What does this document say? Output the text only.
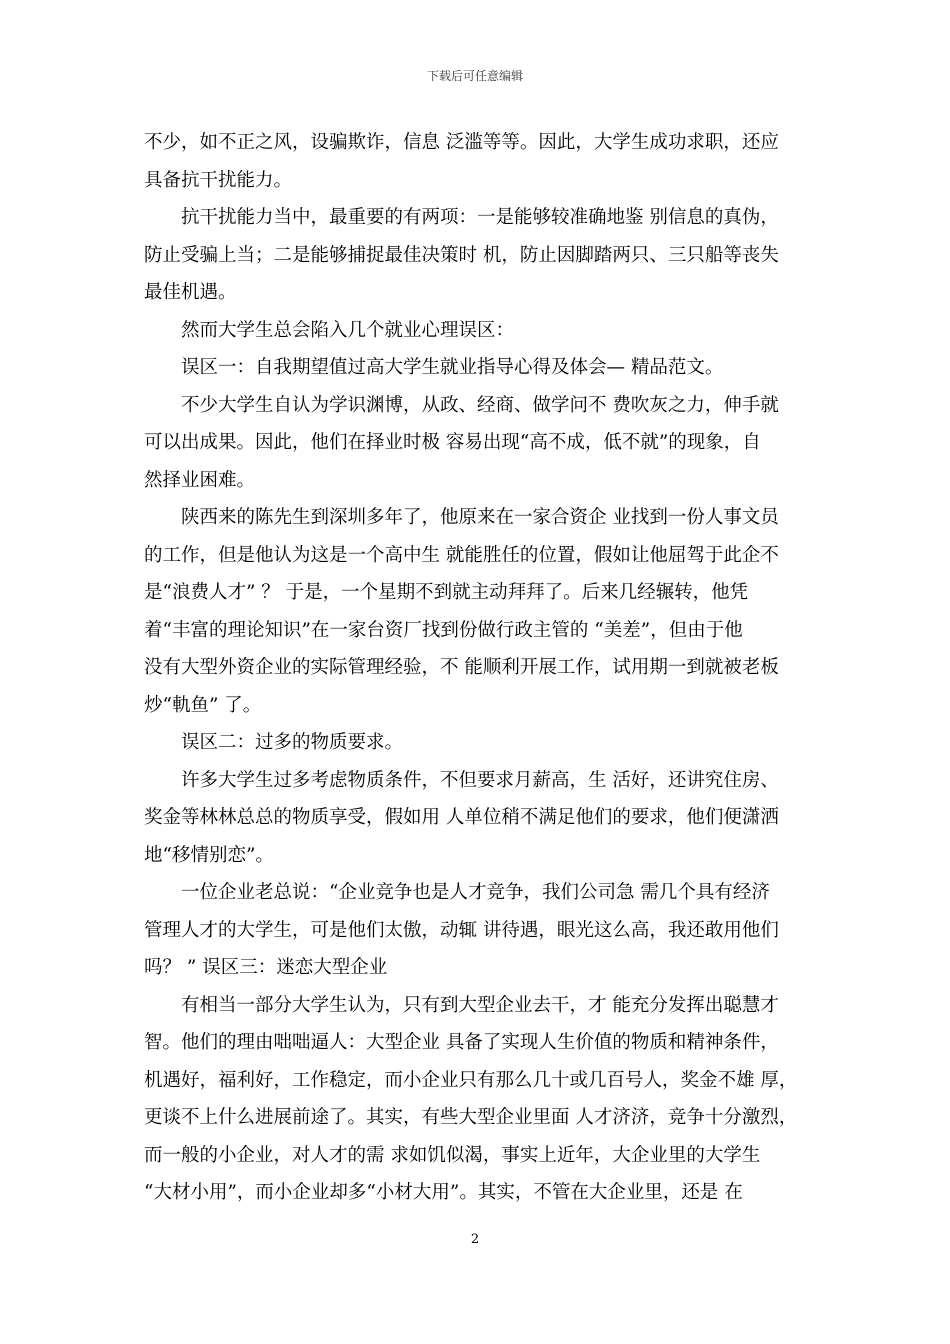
下载后可任意编辑
不少，如不正之风，设骗欺诈，信息 泛滥等等。因此，大学生成功求职，还应
具备抗干扰能力。
抗干扰能力当中，最重要的有两项：一是能够较准确地鉴 别信息的真伪，
防止受骗上当；二是能够捕捉最佳决策时 机，防止因脚踏两只、三只船等丧失
最佳机遇。
然而大学生总会陷入几个就业心理误区：
误区一：自我期望值过高大学生就业指导心得及体会— 精品范文。
不少大学生自认为学识渊博，从政、经商、做学问不 费吹灰之力，伸手就
可以出成果。因此，他们在择业时极 容易出现“高不成，低不就”的现象，自
然择业困难。
陕西来的陈先生到深圳多年了，他原来在一家合资企 业找到一份人事文员
的工作，但是他认为这是一个高中生 就能胜任的位置，假如让他屈驾于此企不
是“浪费人才” ？ 于是，一个星期不到就主动拜拜了。后来几经辗转，他凭
着“丰富的理论知识”在一家台资厂找到份做行政主管的 “美差”，但由于他
没有大型外资企业的实际管理经验，不 能顺利开展工作，试用期一到就被老板
炒“軌鱼” 了。
误区二：过多的物质要求。
许多大学生过多考虑物质条件，不但要求月薪高，生 活好，还讲究住房、
奖金等林林总总的物质享受，假如用 人单位稍不满足他们的要求，他们便潇洒
地“移情别恋”。
一位企业老总说：“企业竞争也是人才竞争，我们公司急 需几个具有经济
管理人才的大学生，可是他们太傲，动辄 讲待遇，眼光这么高，我还敢用他们
吗？ ” 误区三：迷恋大型企业
有相当一部分大学生认为，只有到大型企业去干，才 能充分发挥出聪慧才
智。他们的理由咄咄逼人：大型企业 具备了实现人生价值的物质和精神条件，
机遇好，福利好，工作稳定，而小企业只有那么几十或几百号人，奖金不雄 厚，
更谈不上什么进展前途了。其实，有些大型企业里面 人才济济，竞争十分激烈，
而一般的小企业，对人才的需 求如饥似渴，事实上近年，大企业里的大学生
“大材小用”，而小企业却多“小材大用”。其实，不管在大企业里，还是 在
2
